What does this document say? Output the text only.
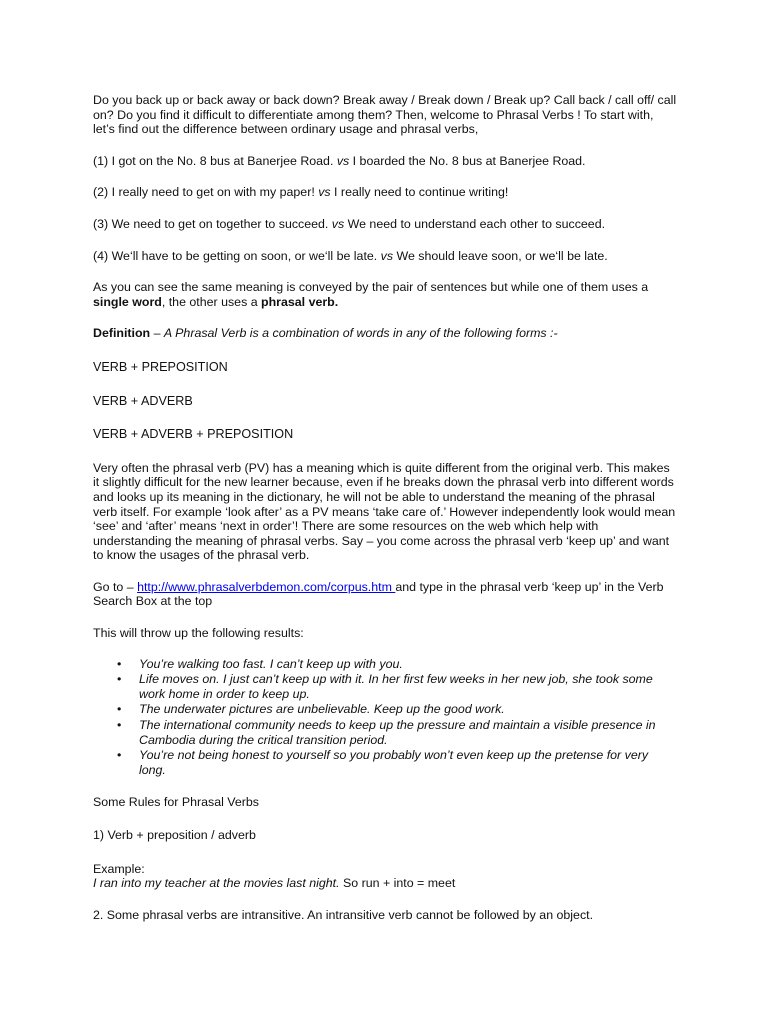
Do you back up or back away or back down? Break away / Break down / Break up? Call back / call off/ call on? Do you find it difficult to differentiate among them? Then, welcome to Phrasal Verbs ! To start with, let’s find out the difference between ordinary usage and phrasal verbs,

(1) I got on the No. 8 bus at Banerjee Road. vs I boarded the No. 8 bus at Banerjee Road.

(2) I really need to get on with my paper! vs I really need to continue writing!

(3) We need to get on together to succeed. vs We need to understand each other to succeed.

(4) We‘ll have to be getting on soon, or we‘ll be late. vs We should leave soon, or we‘ll be late.

As you can see the same meaning is conveyed by the pair of sentences but while one of them uses a single word, the other uses a phrasal verb.

Definition – A Phrasal Verb is a combination of words in any of the following forms :-

VERB + PREPOSITION

VERB + ADVERB

VERB + ADVERB + PREPOSITION

Very often the phrasal verb (PV) has a meaning which is quite different from the original verb. This makes it slightly difficult for the new learner because, even if he breaks down the phrasal verb into different words and looks up its meaning in the dictionary, he will not be able to understand the meaning of the phrasal verb itself. For example ‘look after’ as a PV means ‘take care of.’ However independently look would mean ‘see’ and ‘after’ means ‘next in order’! There are some resources on the web which help with understanding the meaning of phrasal verbs. Say – you come across the phrasal verb ‘keep up’ and want to know the usages of the phrasal verb.

Go to – http://www.phrasalverbdemon.com/corpus.htm and type in the phrasal verb ‘keep up’ in the Verb Search Box at the top

This will throw up the following results:

• You’re walking too fast. I can’t keep up with you.
• Life moves on. I just can’t keep up with it. In her first few weeks in her new job, she took some work home in order to keep up.
• The underwater pictures are unbelievable. Keep up the good work.
• The international community needs to keep up the pressure and maintain a visible presence in Cambodia during the critical transition period.
• You’re not being honest to yourself so you probably won’t even keep up the pretense for very long.

Some Rules for Phrasal Verbs

1) Verb + preposition / adverb

Example:
I ran into my teacher at the movies last night. So run + into = meet

2. Some phrasal verbs are intransitive. An intransitive verb cannot be followed by an object.
